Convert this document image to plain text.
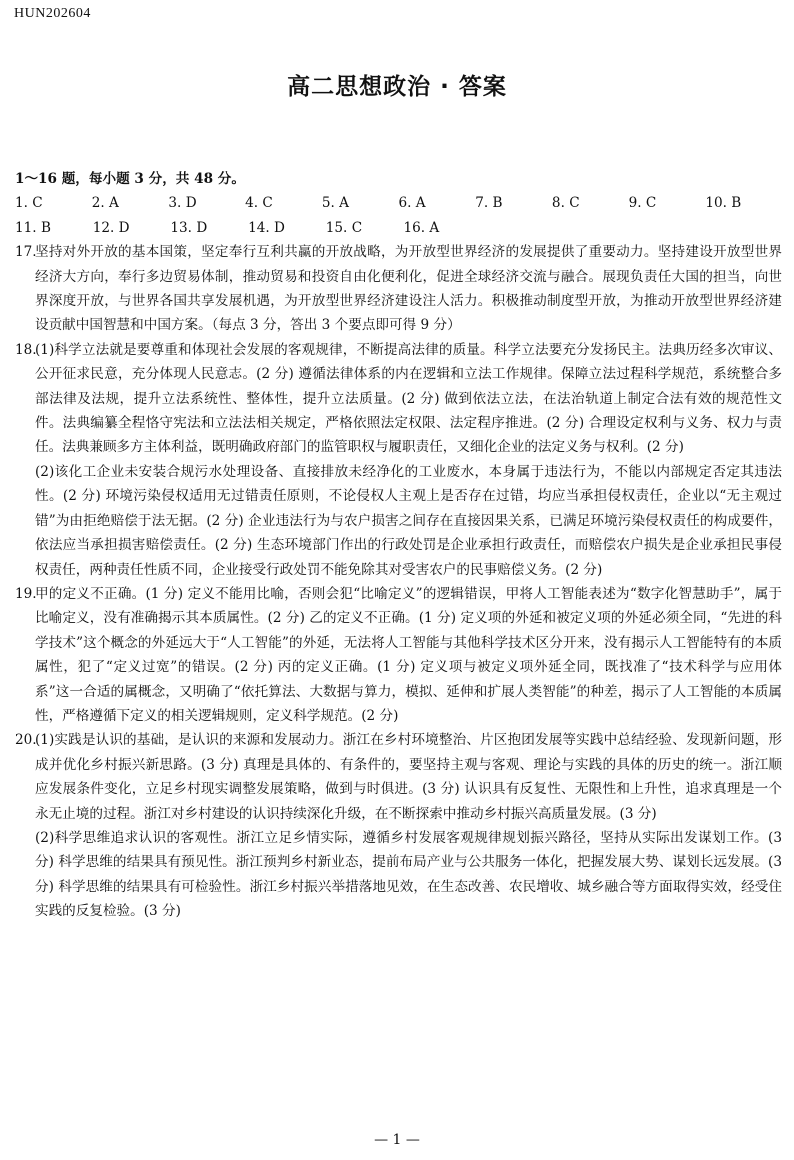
HUN202604
高二思想政治 · 答案
1～16 题，每小题 3 分，共 48 分。
1. C	2. A	3. D	4. C	5. A	6. A	7. B	8. C	9. C	10. B
11. B	12. D	13. D	14. D	15. C	16. A
17.
坚持对外开放的基本国策，坚定奉行互利共赢的开放战略，为开放型世界经济的发展提供了重要动力。坚持建设开放型世界经济大方向，奉行多边贸易体制，推动贸易和投资自由化便利化，促进全球经济交流与融合。展现负责任大国的担当，向世界深度开放，与世界各国共享发展机遇，为开放型世界经济建设注人活力。积极推动制度型开放，为推动开放型世界经济建设贡献中国智慧和中国方案。（每点 3 分，答出 3 个要点即可得 9 分）
18.

(1)科学立法就是要尊重和体现社会发展的客观规律，不断提高法律的质量。科学立法要充分发扬民主。法典历经多次审议、公开征求民意，充分体现人民意志。(2 分) 遵循法律体系的内在逻辑和立法工作规律。保障立法过程科学规范，系统整合多部法律及法规，提升立法系统性、整体性，提升立法质量。(2 分) 做到依法立法，在法治轨道上制定合法有效的规范性文件。法典编纂全程恪守宪法和立法法相关规定，严格依照法定权限、法定程序推进。(2 分) 合理设定权利与义务、权力与责任。法典兼顾多方主体利益，既明确政府部门的监管职权与履职责任，又细化企业的法定义务与权利。(2 分)

(2)该化工企业未安装合规污水处理设备、直接排放未经净化的工业废水，本身属于违法行为，不能以内部规定否定其违法性。(2 分) 环境污染侵权适用无过错责任原则，不论侵权人主观上是否存在过错，均应当承担侵权责任，企业以“无主观过错”为由拒绝赔偿于法无据。(2 分) 企业违法行为与农户损害之间存在直接因果关系，已满足环境污染侵权责任的构成要件，依法应当承担损害赔偿责任。(2 分) 生态环境部门作出的行政处罚是企业承担行政责任，而赔偿农户损失是企业承担民事侵权责任，两种责任性质不同，企业接受行政处罚不能免除其对受害农户的民事赔偿义务。(2 分)

19.
甲的定义不正确。(1 分) 定义不能用比喻，否则会犯“比喻定义”的逻辑错误，甲将人工智能表述为“数字化智慧助手”，属于比喻定义，没有准确揭示其本质属性。(2 分) 乙的定义不正确。(1 分) 定义项的外延和被定义项的外延必须全同，“先进的科学技术”这个概念的外延远大于“人工智能”的外延，无法将人工智能与其他科学技术区分开来，没有揭示人工智能特有的本质属性，犯了“定义过宽”的错误。(2 分) 丙的定义正确。(1 分) 定义项与被定义项外延全同，既找准了“技术科学与应用体系”这一合适的属概念，又明确了“依托算法、大数据与算力，模拟、延伸和扩展人类智能”的种差，揭示了人工智能的本质属性，严格遵循下定义的相关逻辑规则，定义科学规范。(2 分)
20.

(1)实践是认识的基础，是认识的来源和发展动力。浙江在乡村环境整治、片区抱团发展等实践中总结经验、发现新问题，形成并优化乡村振兴新思路。(3 分) 真理是具体的、有条件的，要坚持主观与客观、理论与实践的具体的历史的统一。浙江顺应发展条件变化，立足乡村现实调整发展策略，做到与时俱进。(3 分) 认识具有反复性、无限性和上升性，追求真理是一个永无止境的过程。浙江对乡村建设的认识持续深化升级，在不断探索中推动乡村振兴高质量发展。(3 分)

(2)科学思维追求认识的客观性。浙江立足乡情实际，遵循乡村发展客观规律规划振兴路径，坚持从实际出发谋划工作。(3 分) 科学思维的结果具有预见性。浙江预判乡村新业态，提前布局产业与公共服务一体化，把握发展大势、谋划长远发展。(3 分) 科学思维的结果具有可检验性。浙江乡村振兴举措落地见效，在生态改善、农民增收、城乡融合等方面取得实效，经受住实践的反复检验。(3 分)

— 1 —
